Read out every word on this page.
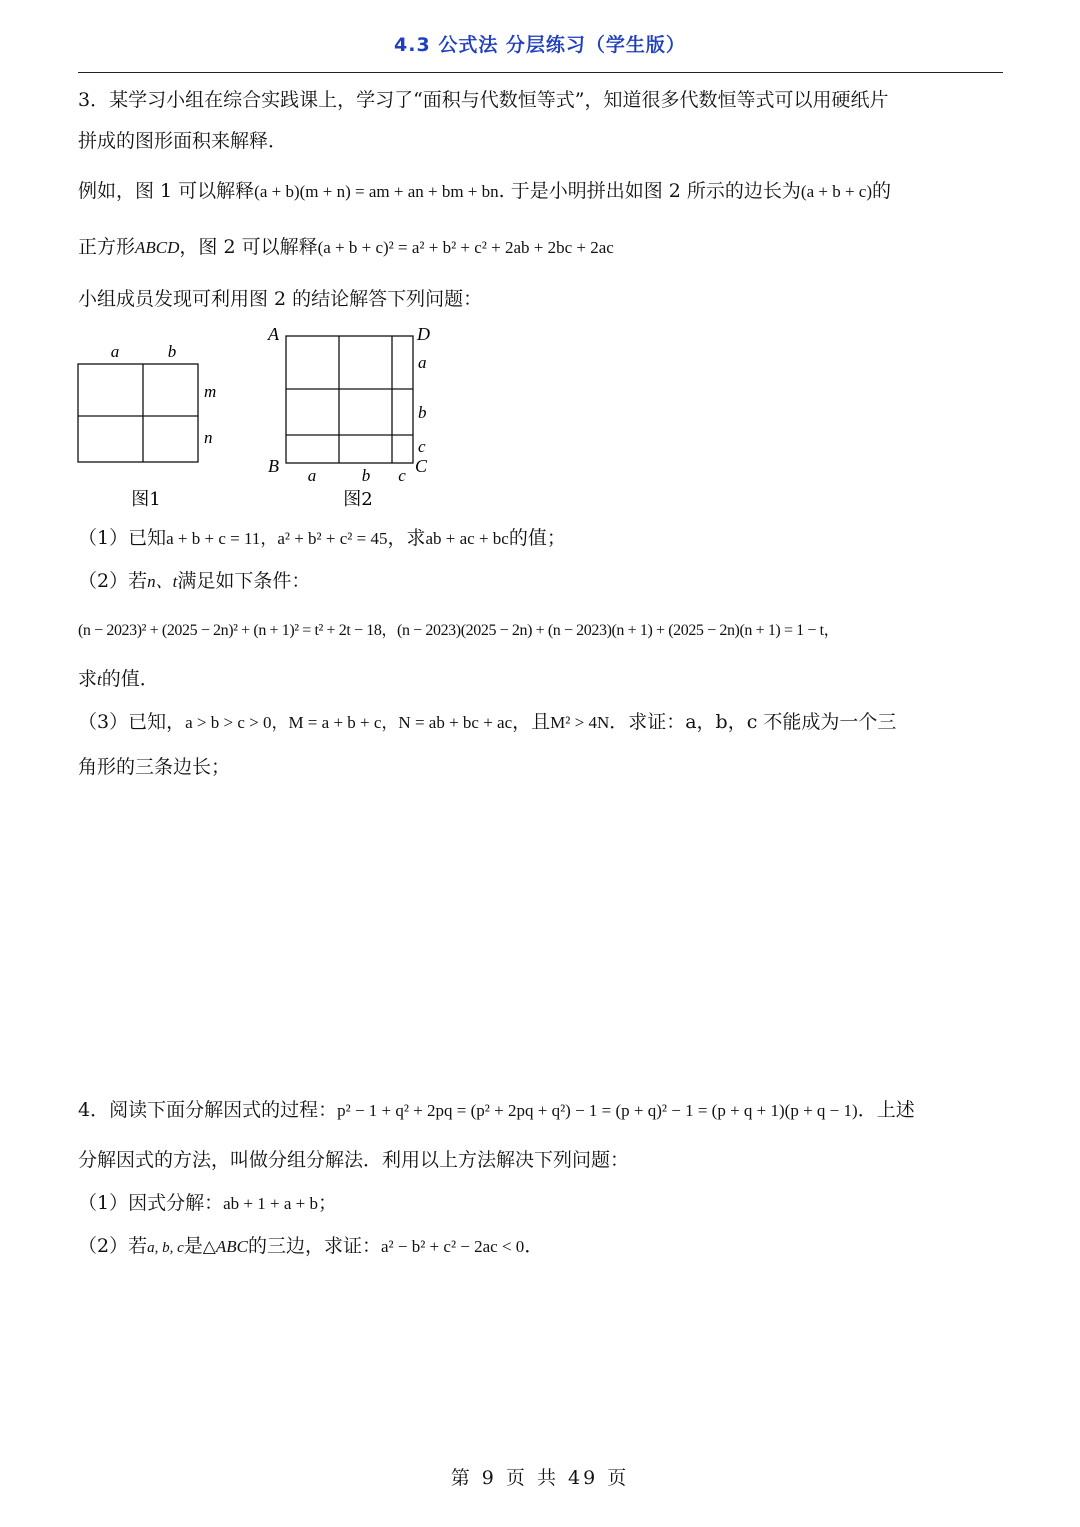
4.3 公式法 分层练习（学生版）
3．某学习小组在综合实践课上，学习了“面积与代数恒等式”，知道很多代数恒等式可以用硬纸片
拼成的图形面积来解释．
例如，图 1 可以解释(a + b)(m + n) = am + an + bm + bn. 于是小明拼出如图 2 所示的边长为(a + b + c)的
正方形ABCD，图 2 可以解释(a + b + c)² = a² + b² + c² + 2ab + 2bc + 2ac
小组成员发现可利用图 2 的结论解答下列问题：
a	b
m
n
图1
A	D
B	C
a
b
c
a	b c
图2
（1）已知a + b + c = 11，a² + b² + c² = 45，求ab + ac + bc的值；
（2）若n、t满足如下条件：
(n − 2023)² + (2025 − 2n)² + (n + 1)² = t² + 2t − 18，(n − 2023)(2025 − 2n) + (n − 2023)(n + 1) + (2025 − 2n)(n + 1) = 1 − t，
求t的值．
（3）已知，a > b > c > 0，M = a + b + c，N = ab + bc + ac，且M² > 4N．求证：a，b，c 不能成为一个三
角形的三条边长；
4．阅读下面分解因式的过程：p² − 1 + q² + 2pq = (p² + 2pq + q²) − 1 = (p + q)² − 1 = (p + q + 1)(p + q − 1)．上述
分解因式的方法，叫做分组分解法．利用以上方法解决下列问题：
（1）因式分解：ab + 1 + a + b；
（2）若a, b, c是△ABC的三边，求证：a² − b² + c² − 2ac < 0．
第 9 页 共 49 页
